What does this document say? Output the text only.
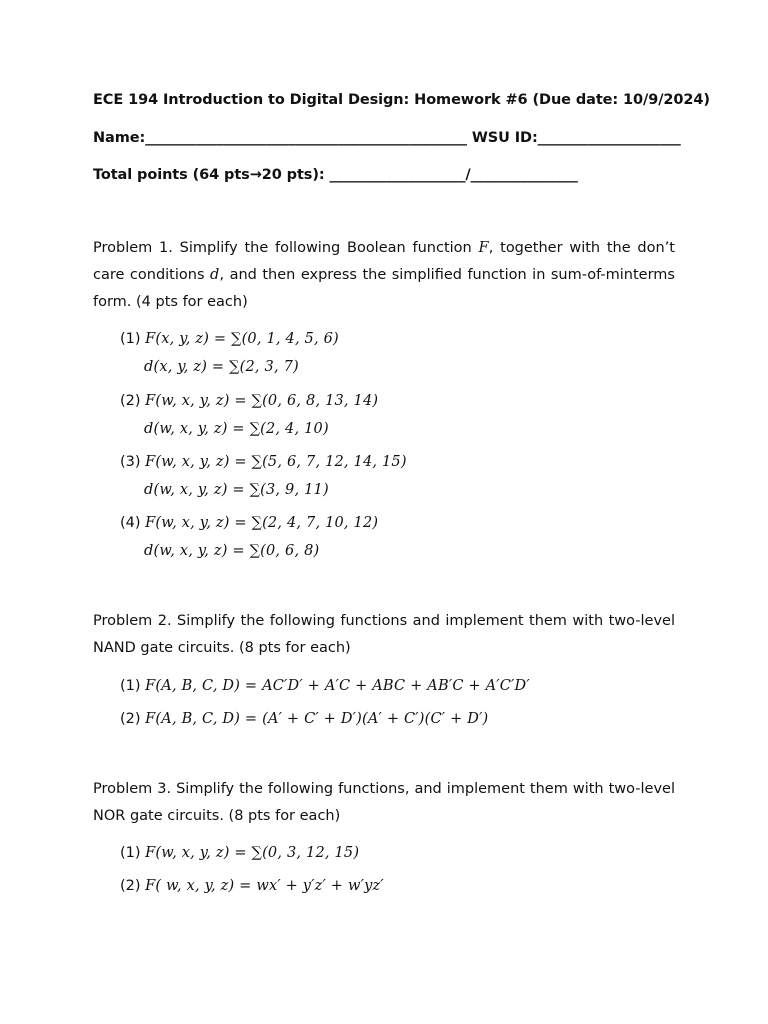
ECE 194 Introduction to Digital Design: Homework #6 (Due date: 10/9/2024)
Name:_____________________________________________ WSU ID:____________________
Total points (64 pts→20 pts): ___________________/_______________
Problem 1. Simplify the following Boolean function F, together with the don’t care conditions d, and then express the simplified function in sum-of-minterms form. (4 pts for each)
(1) F(x, y, z) = ∑(0, 1, 4, 5, 6)
d(x, y, z) = ∑(2, 3, 7)
(2) F(w, x, y, z) = ∑(0, 6, 8, 13, 14)
d(w, x, y, z) = ∑(2, 4, 10)
(3) F(w, x, y, z) = ∑(5, 6, 7, 12, 14, 15)
d(w, x, y, z) = ∑(3, 9, 11)
(4) F(w, x, y, z) = ∑(2, 4, 7, 10, 12)
d(w, x, y, z) = ∑(0, 6, 8)
Problem 2. Simplify the following functions and implement them with two-level NAND gate circuits. (8 pts for each)
(1) F(A, B, C, D) = AC′D′ + A′C + ABC + AB′C + A′C′D′
(2) F(A, B, C, D) = (A′ + C′ + D′)(A′ + C′)(C′ + D′)
Problem 3. Simplify the following functions, and implement them with two-level NOR gate circuits. (8 pts for each)
(1) F(w, x, y, z) = ∑(0, 3, 12, 15)
(2) F( w, x, y, z) = wx′ + y′z′ + w′yz′
